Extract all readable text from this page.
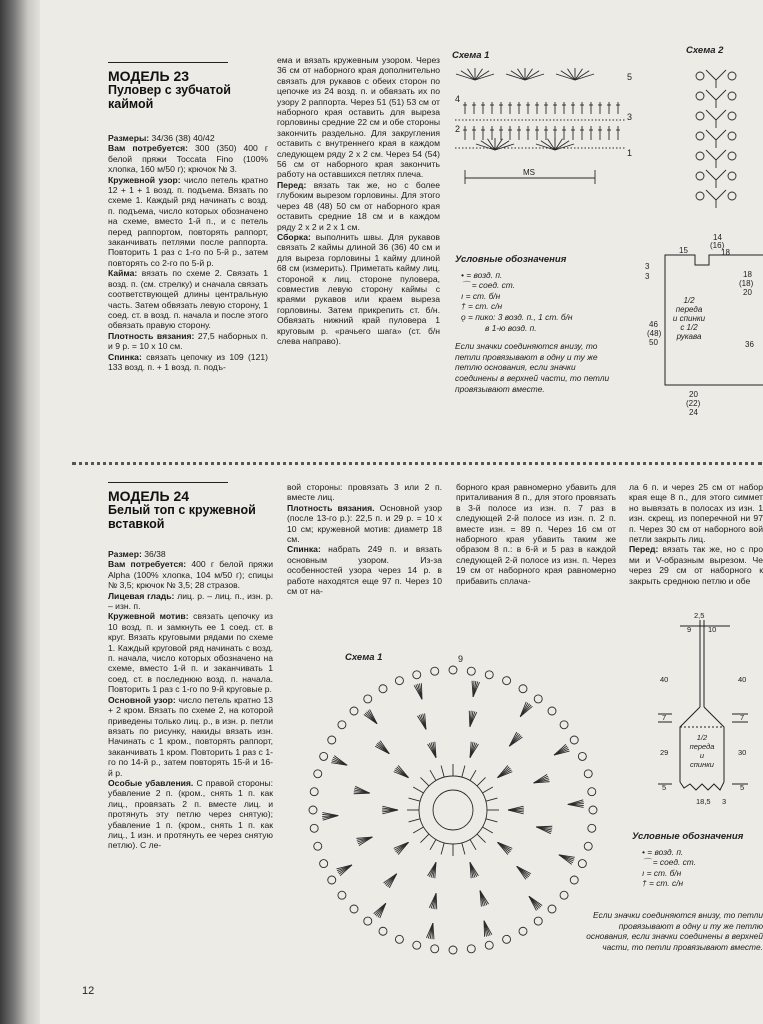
МОДЕЛЬ 23
Пуловер с зубчатой
каймой

Размеры: 34/36 (38) 40/42

Вам потребуется: 300 (350) 400 г белой пряжи Toccata Fino (100% хлопка, 160 м/50 г); крючок № 3.

Кружевной узор: число петель кратно 12 + 1 + 1 возд. п. подъема. Вязать по схеме 1. Каждый ряд начинать с возд. п. подъема, число которых обозначено на схеме, вместо 1-й п., и с петель перед раппортом, повторять раппорт, заканчивать петлями после раппорта. Повторить 1 раз с 1-го по 5-й р., затем повторять со 2-го по 5-й р.

Кайма: вязать по схеме 2. Связать 1 возд. п. (см. стрелку) и сначала связать соответствующей длины центральную часть. Затем обвязать левую сторону, 1 соед. ст. в возд. п. начала и после этого обвязать правую сторону.

Плотность вязания: 27,5 наборных п. и 9 р. = 10 х 10 см.

Спинка: связать цепочку из 109 (121) 133 возд. п. + 1 возд. п. подъ-

ема и вязать кружевным узором. Через 36 см от наборного края дополнительно связать для рукавов с обеих сторон по цепочке из 24 возд. п. и обвязать их по узору 2 раппорта. Через 51 (51) 53 см от наборного края оставить для выреза горловины средние 22 см и обе стороны закончить раздельно. Для закругления оставить с внутреннего края в каждом следующем ряду 2 х 2 см. Через 54 (54) 56 см от наборного края закончить работу на оставшихся петлях плеча.

Перед: вязать так же, но с более глубоким вырезом горловины. Для этого через 48 (48) 50 см от наборного края оставить средние 18 см и в каждом ряду 2 х 2 и 2 х 1 см.

Сборка: выполнить швы. Для рукавов связать 2 каймы длиной 36 (36) 40 см и для выреза горловины 1 кайму длиной 68 см (измерить). Приметать кайму лиц. стороной к лиц. стороне пуловера, совместив левую сторону каймы с краями рукавов или краем выреза горловины. Затем прикрепить ст. б/н. Обвязать нижний край пуловера 1 круговым р. «рачьего шага» (ст. б/н слева направо).

Схема 1
5
4
3
2
1
MS
Схема 2
Условные обозначения
• = возд. п.
⌒ = соед. ст.
ı = ст. б/н
† = ст. с/н
ǫ = пико: 3 возд. п., 1 ст. б/н
в 1-ю возд. п.
Если значки соединяются внизу, то петли провязывают в одну и ту же петлю основания, если значки соединены в верхней части, то петли провязывают вместе.
15
14
(16)
18
3
3
46
(48)
50
1/2
переда
и спинки
с 1/2
рукава
18
(18)
20
36
20
(22)
24
МОДЕЛЬ 24
Белый топ с кружевной
вставкой

Размер: 36/38

Вам потребуется: 400 г белой пряжи Alpha (100% хлопка, 104 м/50 г); спицы № 3,5; крючок № 3,5; 28 стразов.

Лицевая гладь: лиц. р. – лиц. п., изн. р. – изн. п.

Кружевной мотив: связать цепочку из 10 возд. п. и замкнуть ее 1 соед. ст. в круг. Вязать круговыми рядами по схеме 1. Каждый круговой ряд начинать с возд. п. начала, число которых обозначено на схеме, вместо 1-й п. и заканчивать 1 соед. ст. в последнюю возд. п. начала. Повторить 1 раз с 1-го по 9-й круговые р.

Основной узор: число петель кратно 13 + 2 кром. Вязать по схеме 2, на которой приведены только лиц. р., в изн. р. петли вязать по рисунку, накиды вязать изн. Начинать с 1 кром., повторять раппорт, заканчивать 1 кром. Повторить 1 раз с 1-го по 14-й р., затем повторять 15-й и 16-й р.

Особые убавления. С правой стороны: убавление 2 п. (кром., снять 1 п. как лиц., провязать 2 п. вместе лиц. и протянуть эту петлю через снятую); убавление 1 п. (кром., снять 1 п. как лиц., 1 изн. и протянуть ее через снятую петлю). С ле-

вой стороны: провязать 3 или 2 п. вместе лиц.

Плотность вязания. Основной узор (после 13-го р.): 22,5 п. и 29 р. = 10 х 10 см; кружевной мотив: диаметр 18 см.

Спинка: набрать 249 п. и вязать основным узором. Из-за особенностей узора через 14 р. в работе находятся еще 97 п. Через 10 см от на-

борного края равномерно убавить для приталивания 8 п., для этого провязать в 3-й полосе из изн. п. 7 раз в следующей 2-й полосе из изн. п. 2 п. вместе изн. = 89 п. Через 16 см от наборного края убавить таким же образом 8 п.: в 6-й и 5 раз в каждой следующей 2-й полосе из изн. п. Через 19 см от наборного края равномерно прибавить сплача-

ла 6 п. и через 25 см от набор края еще 8 п., для этого симмет но вывязать в полосах из изн. 1 изн. скрещ. из поперечной ни 97 п. Через 30 см от наборного вой петли закрыть лиц.

Перед: вязать так же, но с про ми и V-образным вырезом. Че через 29 см от наборного к закрыть среднюю петлю и обе

Схема 1	9
2,5
9 10
40
7
29
5
40
7
30
5
1/2
переда
и
спинки
18,5 3
Условные обозначения
• = возд. п.
⌒ = соед. ст.
ı = ст. б/н
† = ст. с/н
Если значки соединяются внизу, то петли провязывают в одну и ту же петлю основания, если значки соединены в верхней части, то петли провязывают вместе.
12
